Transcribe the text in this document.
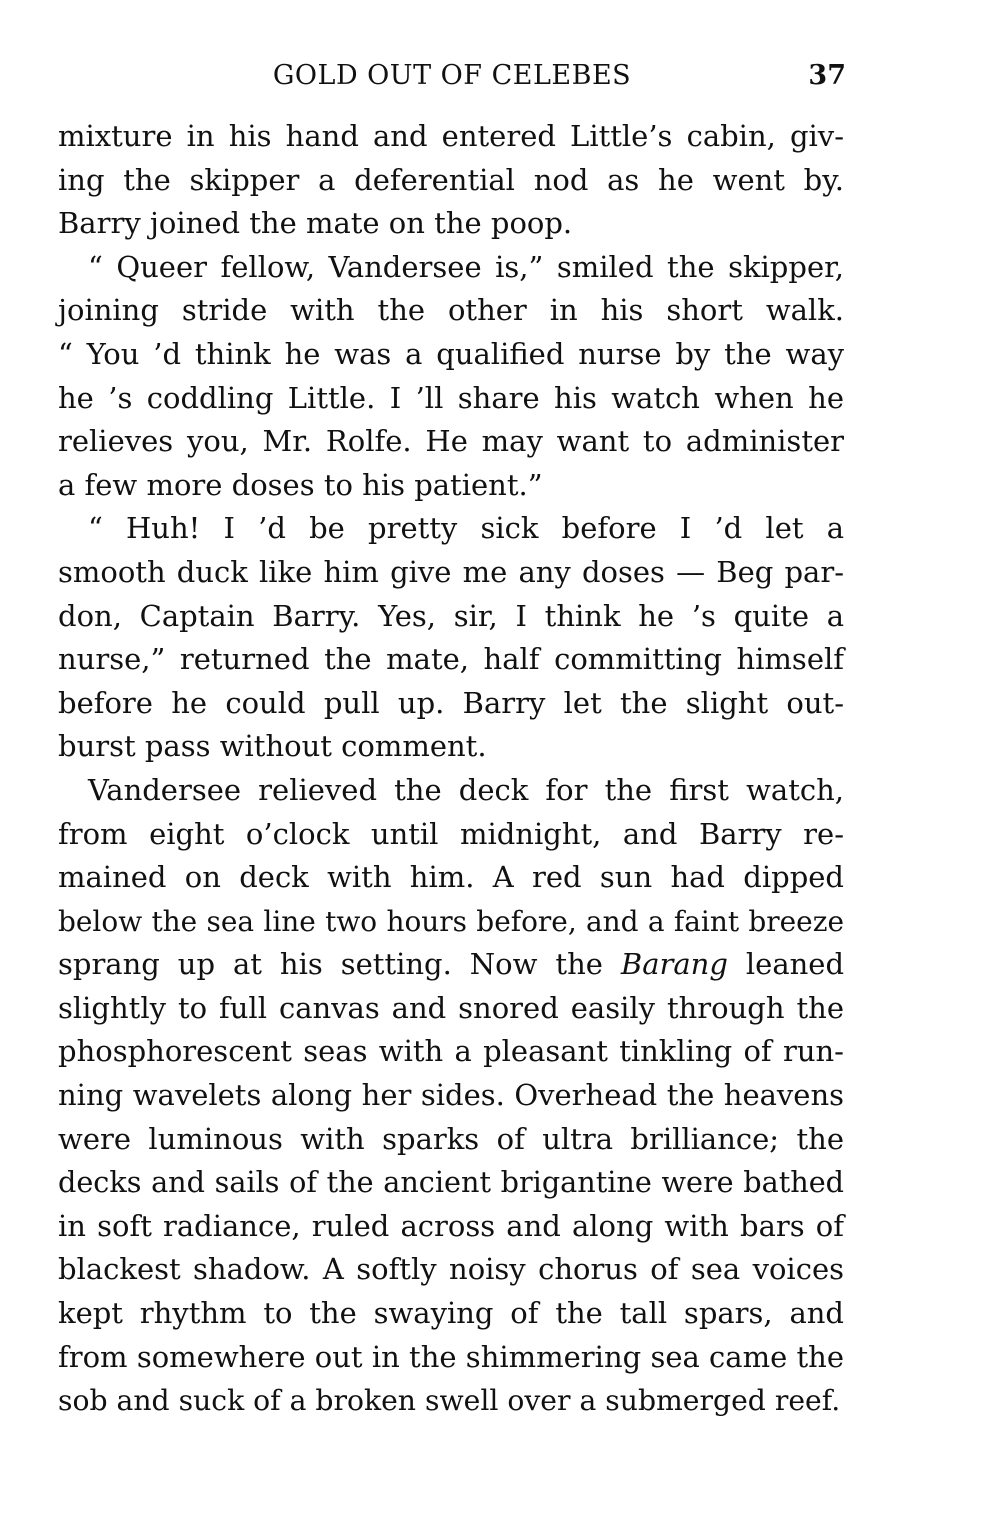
GOLD OUT OF CELEBES	37
mixture in his hand and entered Little’s cabin, giv-
ing the skipper a deferential nod as he went by.
Barry joined the mate on the poop.
“ Queer fellow, Vandersee is,” smiled the skipper,
joining stride with the other in his short walk.
“ You ’d think he was a qualified nurse by the way
he ’s coddling Little. I ’ll share his watch when he
relieves you, Mr. Rolfe. He may want to administer
a few more doses to his patient.”
“ Huh! I ’d be pretty sick before I ’d let a
smooth duck like him give me any doses — Beg par-
don, Captain Barry. Yes, sir, I think he ’s quite a
nurse,” returned the mate, half committing himself
before he could pull up. Barry let the slight out-
burst pass without comment.
Vandersee relieved the deck for the first watch,
from eight o’clock until midnight, and Barry re-
mained on deck with him. A red sun had dipped
below the sea line two hours before, and a faint breeze
sprang up at his setting. Now the Barang leaned
slightly to full canvas and snored easily through the
phosphorescent seas with a pleasant tinkling of run-
ning wavelets along her sides. Overhead the heavens
were luminous with sparks of ultra brilliance; the
decks and sails of the ancient brigantine were bathed
in soft radiance, ruled across and along with bars of
blackest shadow. A softly noisy chorus of sea voices
kept rhythm to the swaying of the tall spars, and
from somewhere out in the shimmering sea came the
sob and suck of a broken swell over a submerged reef.
